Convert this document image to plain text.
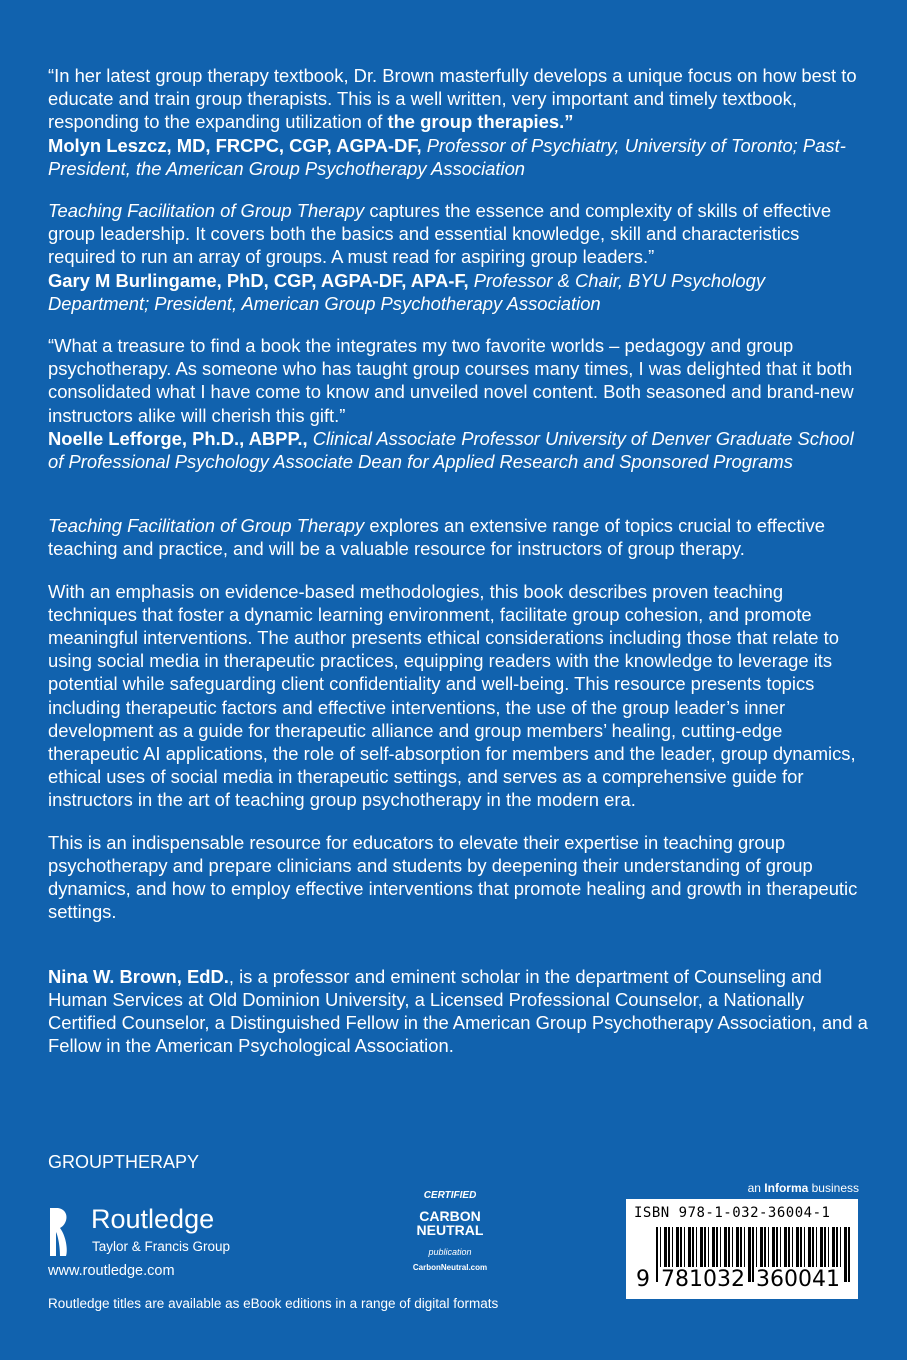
“In her latest group therapy textbook, Dr. Brown masterfully develops a unique focus on how best to educate and train group therapists. This is a well written, very important and timely textbook, responding to the expanding utilization of the group therapies.”
Molyn Leszcz, MD, FRCPC, CGP, AGPA-DF, Professor of Psychiatry, University of Toronto; Past-President, the American Group Psychotherapy Association

Teaching Facilitation of Group Therapy captures the essence and complexity of skills of effective group leadership. It covers both the basics and essential knowledge, skill and characteristics required to run an array of groups. A must read for aspiring group leaders.”
Gary M Burlingame, PhD, CGP, AGPA-DF, APA-F, Professor & Chair, BYU Psychology Department; President, American Group Psychotherapy Association

“What a treasure to find a book the integrates my two favorite worlds – pedagogy and group psychotherapy. As someone who has taught group courses many times, I was delighted that it both consolidated what I have come to know and unveiled novel content. Both seasoned and brand-new instructors alike will cherish this gift.”
Noelle Lefforge, Ph.D., ABPP., Clinical Associate Professor University of Denver Graduate School of Professional Psychology Associate Dean for Applied Research and Sponsored Programs

Teaching Facilitation of Group Therapy explores an extensive range of topics crucial to effective teaching and practice, and will be a valuable resource for instructors of group therapy.

With an emphasis on evidence-based methodologies, this book describes proven teaching techniques that foster a dynamic learning environment, facilitate group cohesion, and promote meaningful interventions. The author presents ethical considerations including those that relate to using social media in therapeutic practices, equipping readers with the knowledge to leverage its potential while safeguarding client confidentiality and well-being. This resource presents topics including therapeutic factors and effective interventions, the use of the group leader’s inner development as a guide for therapeutic alliance and group members’ healing, cutting-edge therapeutic AI applications, the role of self-absorption for members and the leader, group dynamics, ethical uses of social media in therapeutic settings, and serves as a comprehensive guide for instructors in the art of teaching group psychotherapy in the modern era.

This is an indispensable resource for educators to elevate their expertise in teaching group psychotherapy and prepare clinicians and students by deepening their understanding of group dynamics, and how to employ effective interventions that promote healing and growth in therapeutic settings.

Nina W. Brown, EdD., is a professor and eminent scholar in the department of Counseling and Human Services at Old Dominion University, a Licensed Professional Counselor, a Nationally Certified Counselor, a Distinguished Fellow in the American Group Psychotherapy Association, and a Fellow in the American Psychological Association.

GROUPTHERAPY
Routledge
Taylor & Francis Group
www.routledge.com
Routledge titles are available as eBook editions in a range of digital formats
CERTIFIED
CARBON
NEUTRAL
publication
CarbonNeutral.com
an Informa business
ISBN 978-1-032-36004-1
9 781032 360041
